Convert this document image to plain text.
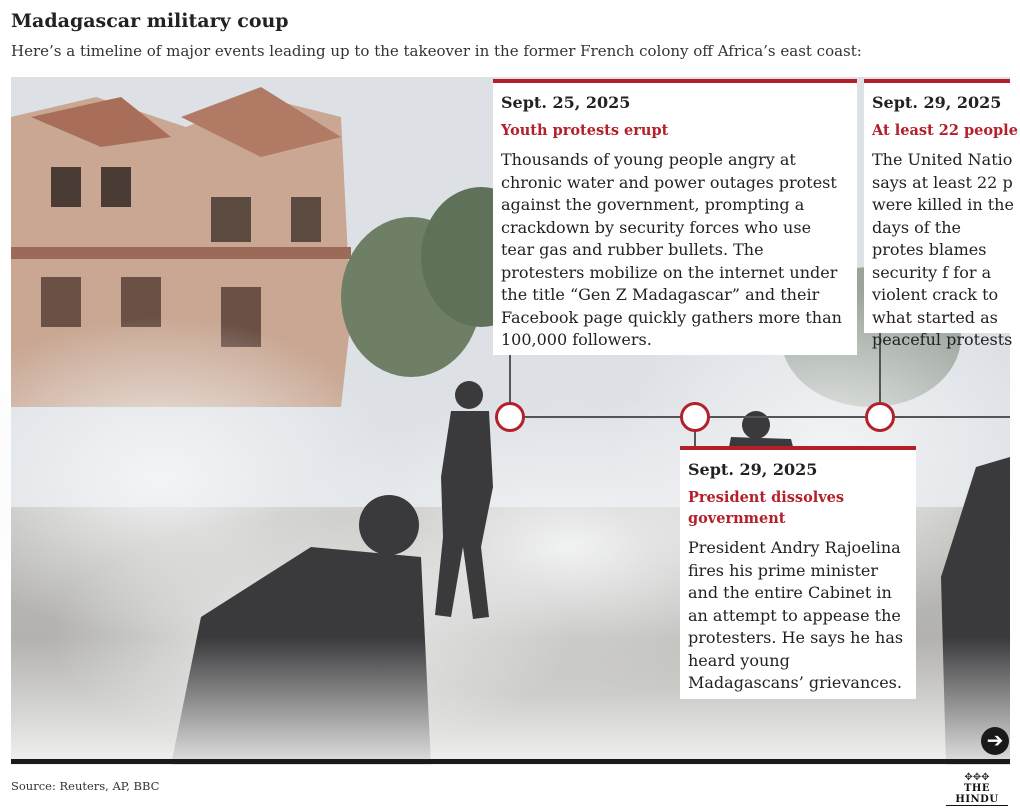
Madagascar military coup
Here’s a timeline of major events leading up to the takeover in the former French colony off Africa’s east coast:
Sept. 25, 2025
Youth protests erupt
Thousands of young people angry at chronic water and power outages protest against the government, prompting a crackdown by security forces who use tear gas and rubber bullets. The protesters mobilize on the internet under the title “Gen Z Madagascar” and their Facebook page quickly gathers more than 100,000 followers.
Sept. 29, 2025
President dissolves government
President Andry Rajoelina fires his prime minister and the entire Cabinet in an attempt to appease the protesters. He says he has heard young Madagascans’ grievances.
Sept. 29, 2025
At least 22 people
The United Natio says at least 22 p were killed in the days of the protes blames security f for a violent crack to what started as peaceful protests
➔
Source: Reuters, AP, BBC
✥✥✥
THE HINDU
